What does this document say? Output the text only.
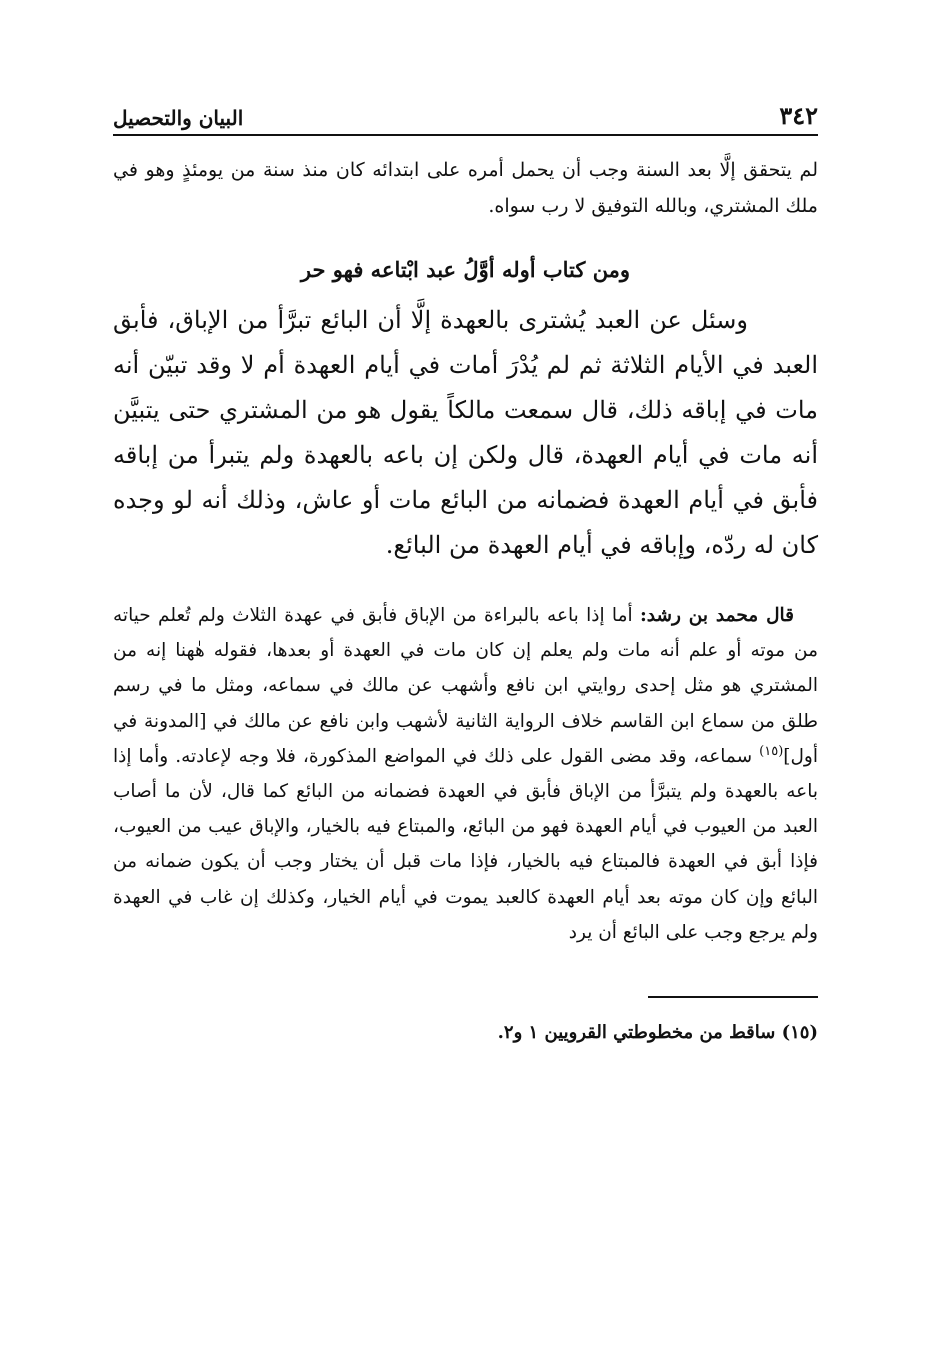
٣٤٢
البيان والتحصيل

لم يتحقق إلَّا بعد السنة وجب أن يحمل أمره على ابتدائه كان منذ سنة من يومئذٍ وهو في ملك المشتري، وبالله التوفيق لا رب سواه.

ومن كتاب أوله أوَّلُ عبد ابْتاعه فهو حر

وسئل عن العبد يُشترى بالعهدة إلَّا أن البائع تبرَّأ من الإباق، فأبق العبد في الأيام الثلاثة ثم لم يُدْرَ أمات في أيام العهدة أم لا وقد تبيّن أنه مات في إباقه ذلك، قال سمعت مالكاً يقول هو من المشتري حتى يتبيَّن أنه مات في أيام العهدة، قال ولكن إن باعه بالعهدة ولم يتبرأ من إباقه فأبق في أيام العهدة فضمانه من البائع مات أو عاش، وذلك أنه لو وجده كان له ردّه، وإباقه في أيام العهدة من البائع.

قال محمد بن رشد: أما إذا باعه بالبراءة من الإباق فأبق في عهدة الثلاث ولم تُعلم حياته من موته أو علم أنه مات ولم يعلم إن كان مات في العهدة أو بعدها، فقوله هٰهنا إنه من المشتري هو مثل إحدى روايتي ابن نافع وأشهب عن مالك في سماعه، ومثل ما في رسم طلق من سماع ابن القاسم خلاف الرواية الثانية لأشهب وابن نافع عن مالك في [المدونة في أول]$^{(١٥)}$ سماعه، وقد مضى القول على ذلك في المواضع المذكورة، فلا وجه لإعادته. وأما إذا باعه بالعهدة ولم يتبرَّأ من الإباق فأبق في العهدة فضمانه من البائع كما قال، لأن ما أصاب العبد من العيوب في أيام العهدة فهو من البائع، والمبتاع فيه بالخيار، والإباق عيب من العيوب، فإذا أبق في العهدة فالمبتاع فيه بالخيار، فإذا مات قبل أن يختار وجب أن يكون ضمانه من البائع وإن كان موته بعد أيام العهدة كالعبد يموت في أيام الخيار، وكذلك إن غاب في العهدة ولم يرجع وجب على البائع أن يرد

(١٥) ساقط من مخطوطتي القرويين ١ و٢.
